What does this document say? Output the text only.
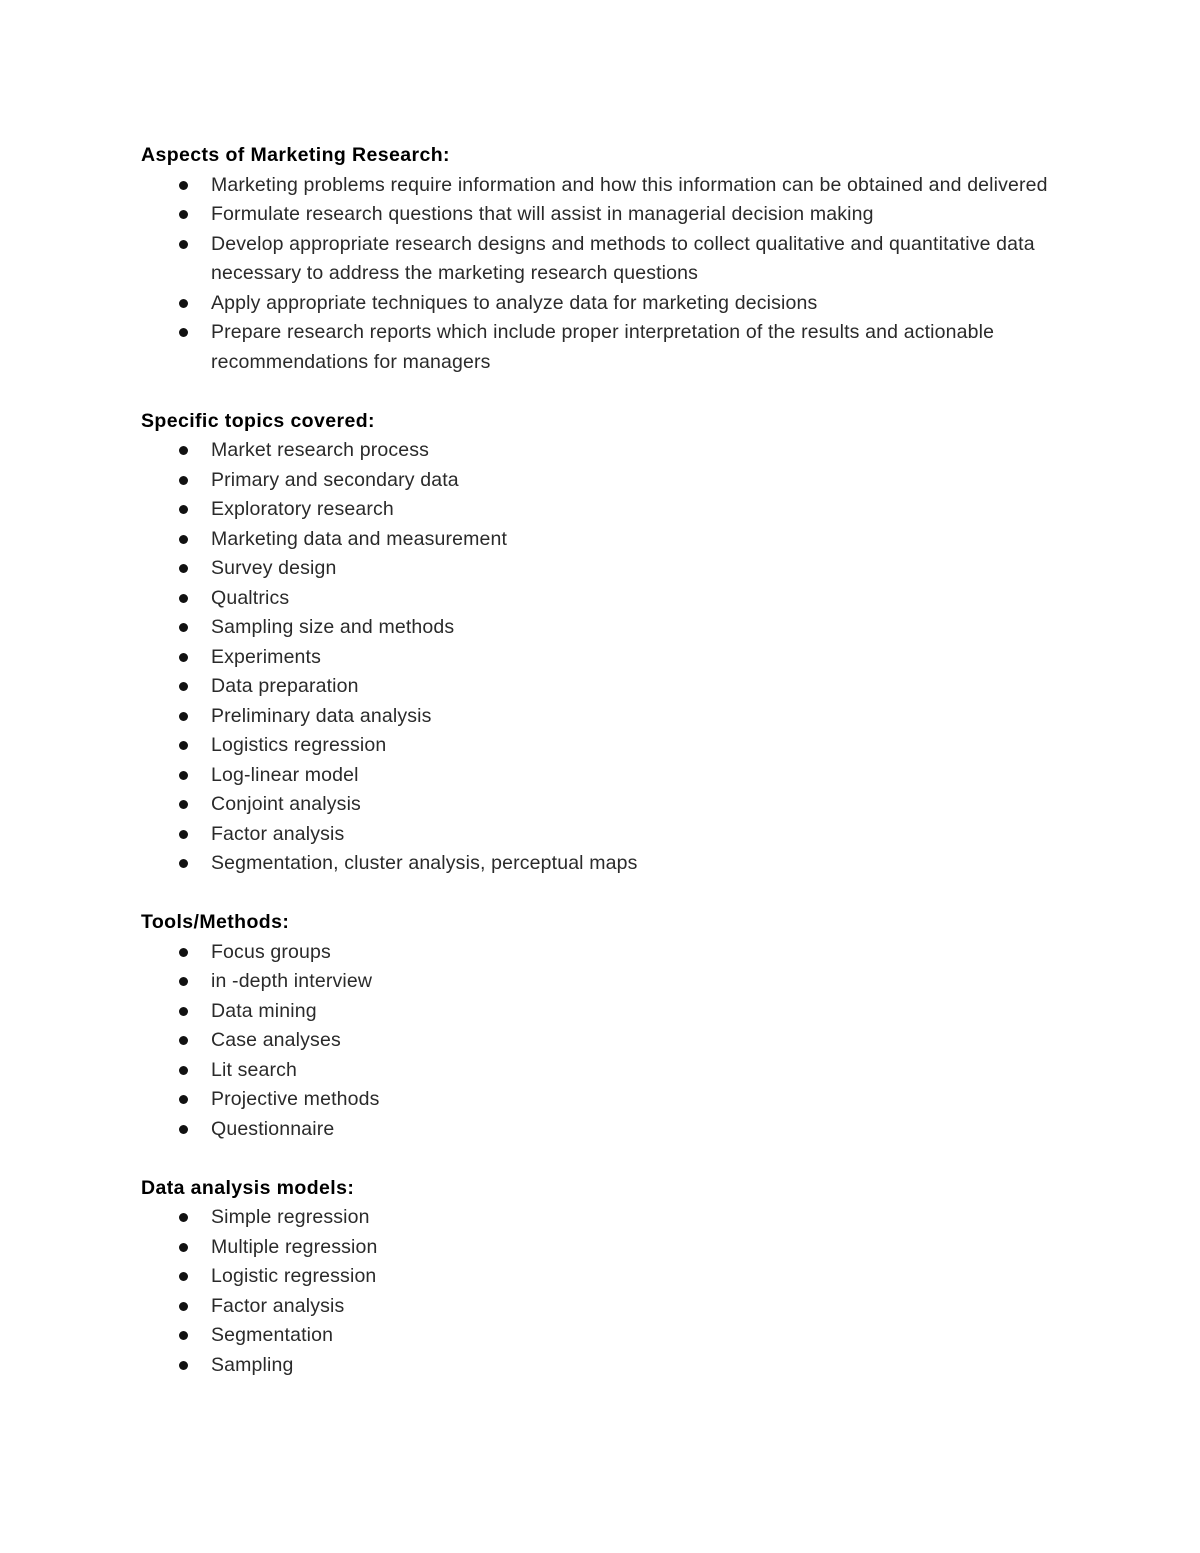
Aspects of Marketing Research:
Marketing problems require information and how this information can be obtained and delivered
Formulate research questions that will assist in managerial decision making
Develop appropriate research designs and methods to collect qualitative and quantitative data necessary to address the marketing research questions
Apply appropriate techniques to analyze data for marketing decisions
Prepare research reports which include proper interpretation of the results and actionable recommendations for managers
Specific topics covered:
Market research process
Primary and secondary data
Exploratory research
Marketing data and measurement
Survey design
Qualtrics
Sampling size and methods
Experiments
Data preparation
Preliminary data analysis
Logistics regression
Log-linear model
Conjoint analysis
Factor analysis
Segmentation, cluster analysis, perceptual maps
Tools/Methods:
Focus groups
in -depth interview
Data mining
Case analyses
Lit search
Projective methods
Questionnaire
Data analysis models:
Simple regression
Multiple regression
Logistic regression
Factor analysis
Segmentation
Sampling
